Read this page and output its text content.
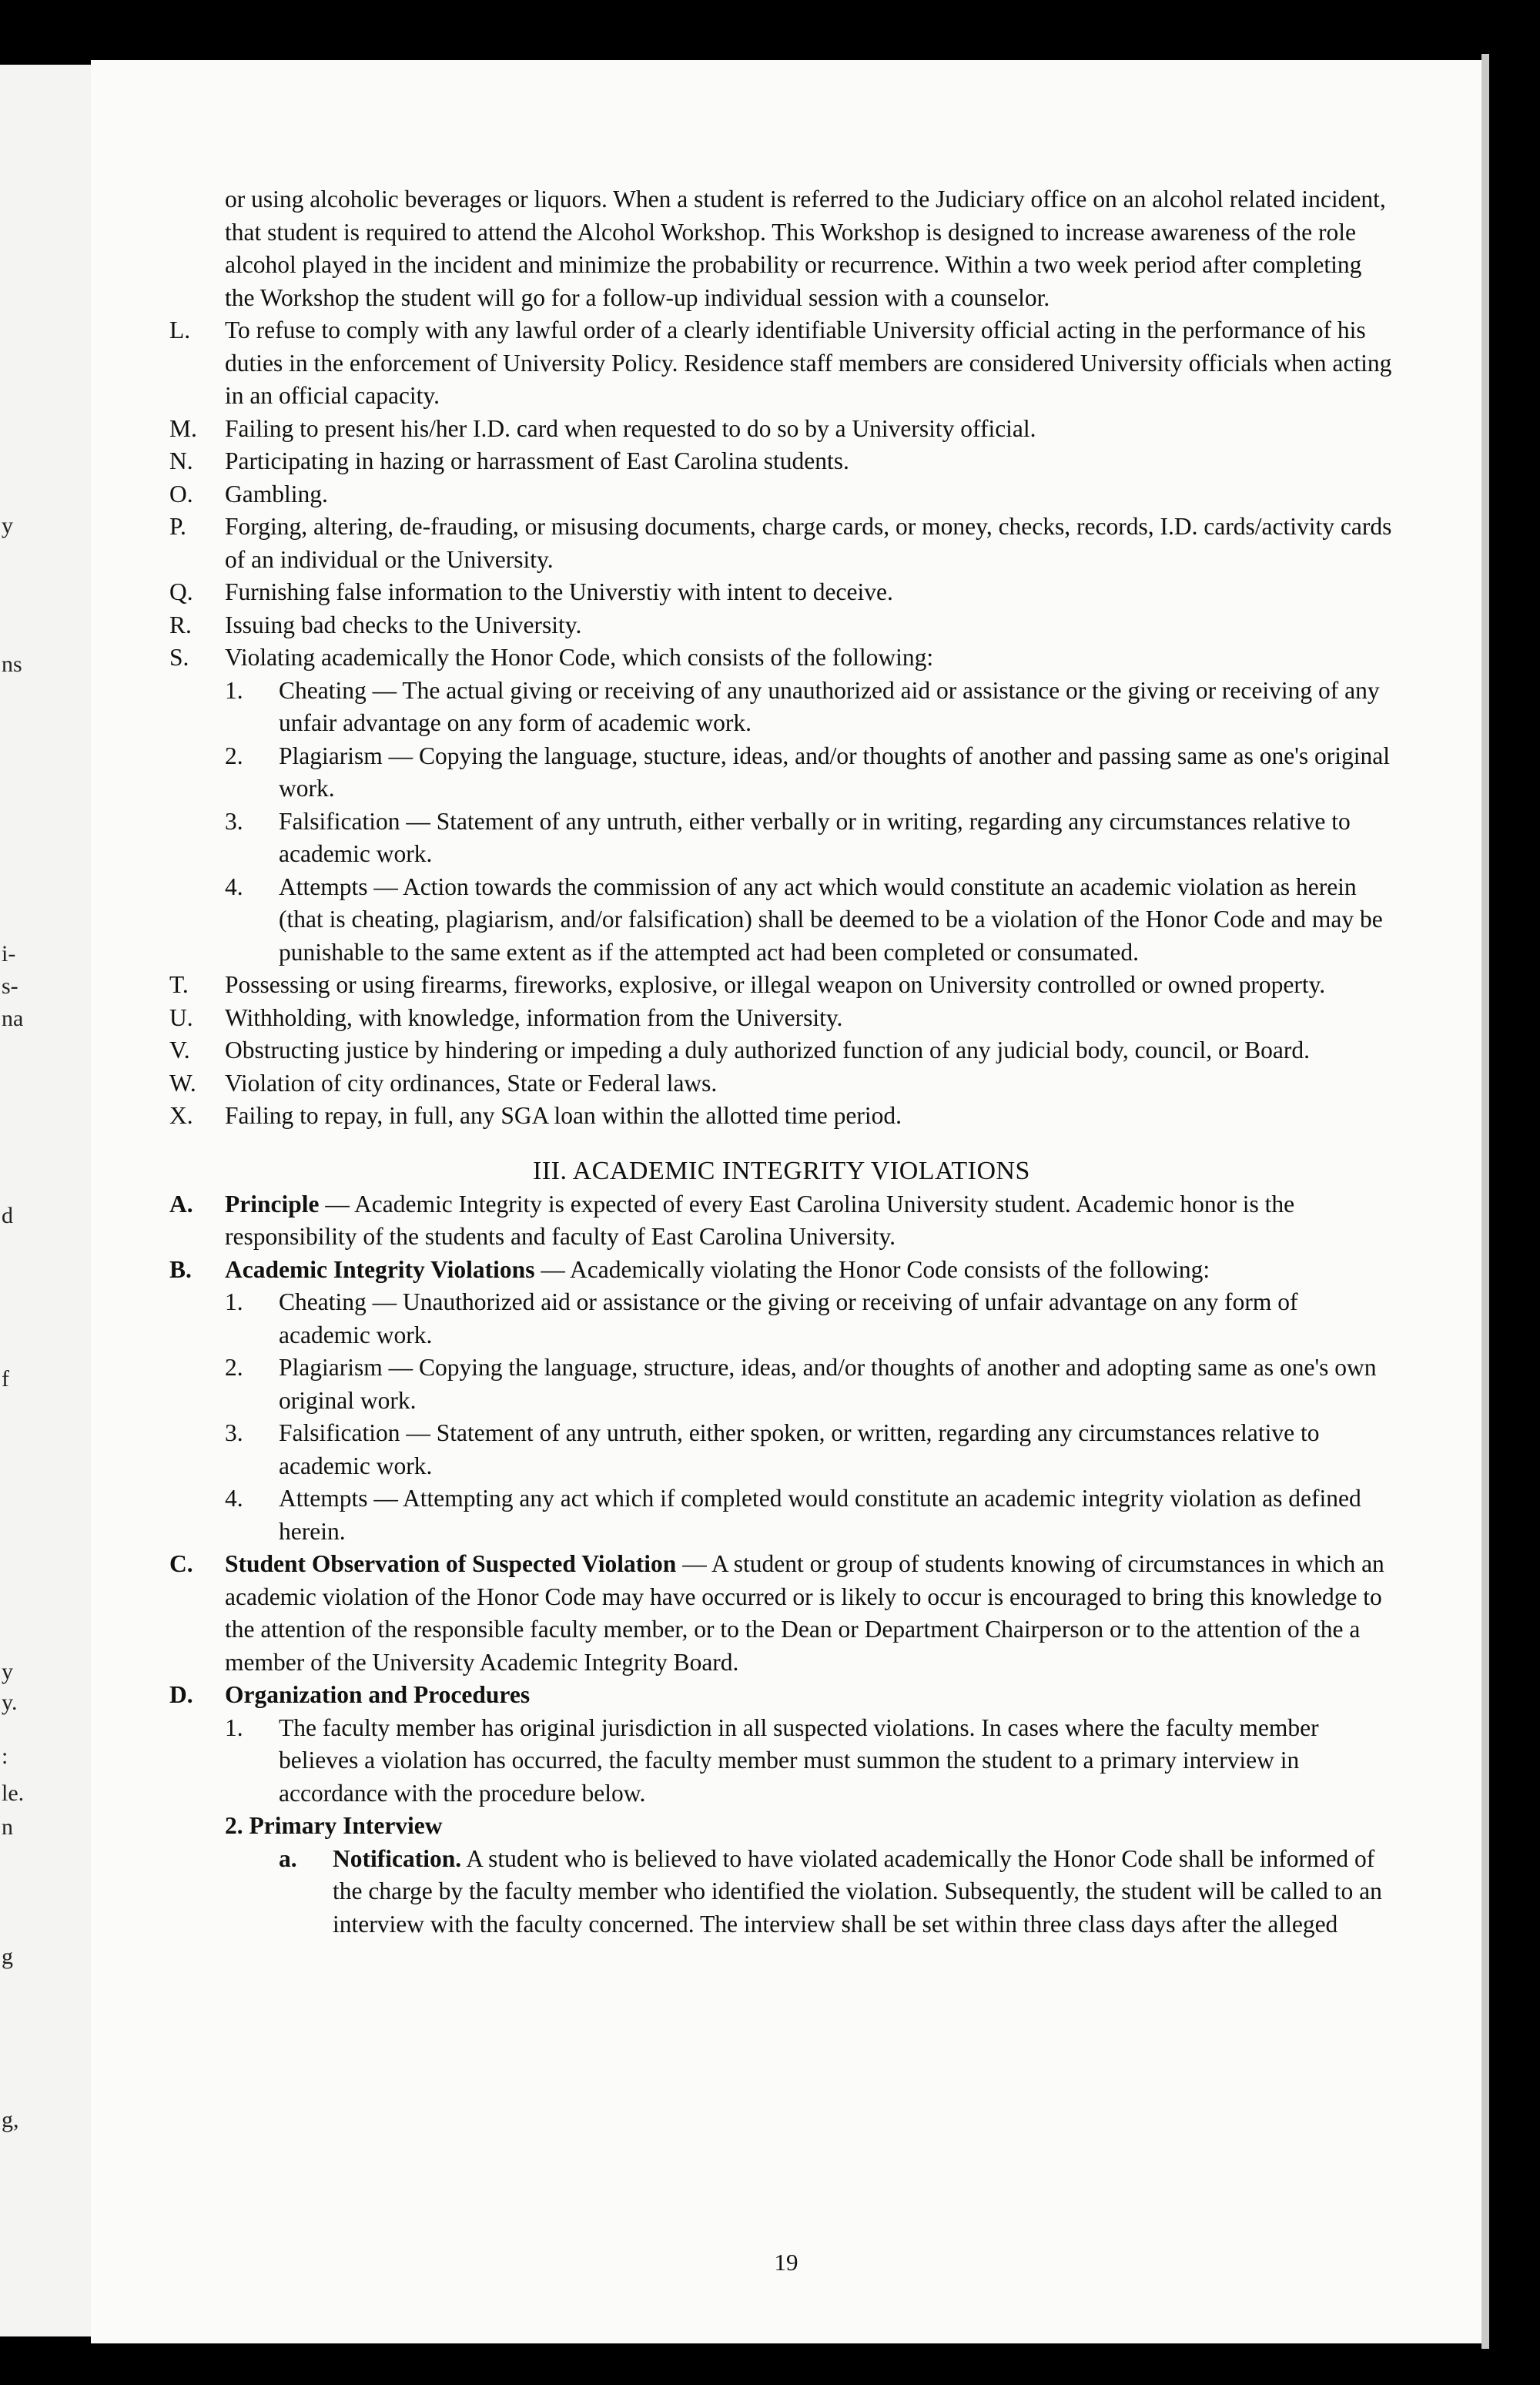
y
ns
i-
s-
na
d
f
y
y.
:
le.
n
g
g,
or using alcoholic beverages or liquors. When a student is referred to the Judiciary office on an alcohol related incident, that student is required to attend the Alcohol Workshop. This Workshop is designed to increase awareness of the role alcohol played in the incident and minimize the probability or recurrence. Within a two week period after completing the Workshop the student will go for a follow-up individual session with a counselor.
L.	To refuse to comply with any lawful order of a clearly identifiable University official acting in the performance of his duties in the enforcement of University Policy. Residence staff members are considered University officials when acting in an official capacity.
M.	Failing to present his/her I.D. card when requested to do so by a University official.
N.	Participating in hazing or harrassment of East Carolina students.
O.	Gambling.
P.	Forging, altering, de-frauding, or misusing documents, charge cards, or money, checks, records, I.D. cards/activity cards of an individual or the University.
Q.	Furnishing false information to the Universtiy with intent to deceive.
R.	Issuing bad checks to the University.
S.	Violating academically the Honor Code, which consists of the following:
1.	Cheating — The actual giving or receiving of any unauthorized aid or assistance or the giving or receiving of any unfair advantage on any form of academic work.
2.	Plagiarism — Copying the language, stucture, ideas, and/or thoughts of another and passing same as one's original work.
3.	Falsification — Statement of any untruth, either verbally or in writing, regarding any circumstances relative to academic work.
4.	Attempts — Action towards the commission of any act which would constitute an academic violation as herein (that is cheating, plagiarism, and/or falsification) shall be deemed to be a violation of the Honor Code and may be punishable to the same extent as if the attempted act had been completed or consumated.
T.	Possessing or using firearms, fireworks, explosive, or illegal weapon on University controlled or owned property.
U.	Withholding, with knowledge, information from the University.
V.	Obstructing justice by hindering or impeding a duly authorized function of any judicial body, council, or Board.
W.	Violation of city ordinances, State or Federal laws.
X.	Failing to repay, in full, any SGA loan within the allotted time period.
III. ACADEMIC INTEGRITY VIOLATIONS
A.	Principle — Academic Integrity is expected of every East Carolina University student. Academic honor is the responsibility of the students and faculty of East Carolina University.
B.	Academic Integrity Violations — Academically violating the Honor Code consists of the following:
1.	Cheating — Unauthorized aid or assistance or the giving or receiving of unfair advantage on any form of academic work.
2.	Plagiarism — Copying the language, structure, ideas, and/or thoughts of another and adopting same as one's own original work.
3.	Falsification — Statement of any untruth, either spoken, or written, regarding any circumstances relative to academic work.
4.	Attempts — Attempting any act which if completed would constitute an academic integrity violation as defined herein.
C.	Student Observation of Suspected Violation — A student or group of students knowing of circumstances in which an academic violation of the Honor Code may have occurred or is likely to occur is encouraged to bring this knowledge to the attention of the responsible faculty member, or to the Dean or Department Chairperson or to the attention of the a member of the University Academic Integrity Board.
D.	Organization and Procedures
1.	The faculty member has original jurisdiction in all suspected violations. In cases where the faculty member believes a violation has occurred, the faculty member must summon the student to a primary interview in accordance with the procedure below.
2. Primary Interview
a.	Notification. A student who is believed to have violated academically the Honor Code shall be informed of the charge by the faculty member who identified the violation. Subsequently, the student will be called to an interview with the faculty concerned. The interview shall be set within three class days after the alleged
19
